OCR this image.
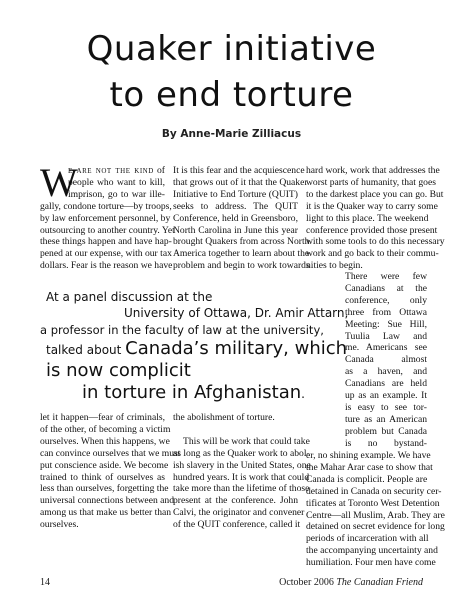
Quaker initiative
to end torture
By Anne-Marie Zilliacus
W
e are not the kind of
people who want to kill,
imprison, go to war ille-
gally, condone torture—by troops,
by law enforcement personnel, by
outsourcing to another country. Yet
these things happen and have hap-
pened at our expense, with our tax
dollars. Fear is the reason we have
It is this fear and the acquiescence
that grows out of it that the Quaker
Initiative to End Torture (QUIT)
seeks to address. The QUIT
Conference, held in Greensboro,
North Carolina in June this year
brought Quakers from across North
America together to learn about the
problem and begin to work towards
hard work, work that addresses the
worst parts of humanity, that goes
to the darkest place you can go. But
it is the Quaker way to carry some
light to this place. The weekend
conference provided those present
with some tools to do this necessary
work and go back to their commu-
nities to begin.
At a panel discussion at the
University of Ottawa, Dr. Amir Attarn,
a professor in the faculty of law at the university,
talked about Canada’s military, which
is now complicit
in torture in Afghanistan.
There were few
Canadians at the
conference, only
three from Ottawa
Meeting: Sue Hill,
Tuulia Law and
me. Americans see
Canada almost
as a haven, and
Canadians are held
up as an example. It
is easy to see tor-
ture as an American
problem but Canada
is no bystand-
er, no shining example. We have
the Mahar Arar case to show that
Canada is complicit. People are
detained in Canada on security cer-
tificates at Toronto West Detention
Centre—all Muslim, Arab. They are
detained on secret evidence for long
periods of incarceration with all
the accompanying uncertainty and
humiliation. Four men have come
let it happen—fear of criminals,
of the other, of becoming a victim
ourselves. When this happens, we
can convince ourselves that we must
put conscience aside. We become
trained to think of ourselves as
less than ourselves, forgetting the
universal connections between and
among us that make us better than
ourselves.
the abolishment of torture.
This will be work that could take
as long as the Quaker work to abol-
ish slavery in the United States, one
hundred years. It is work that could
take more than the lifetime of those
present at the conference. John
Calvi, the originator and convener
of the QUIT conference, called it
14	October 2006 The Canadian Friend
